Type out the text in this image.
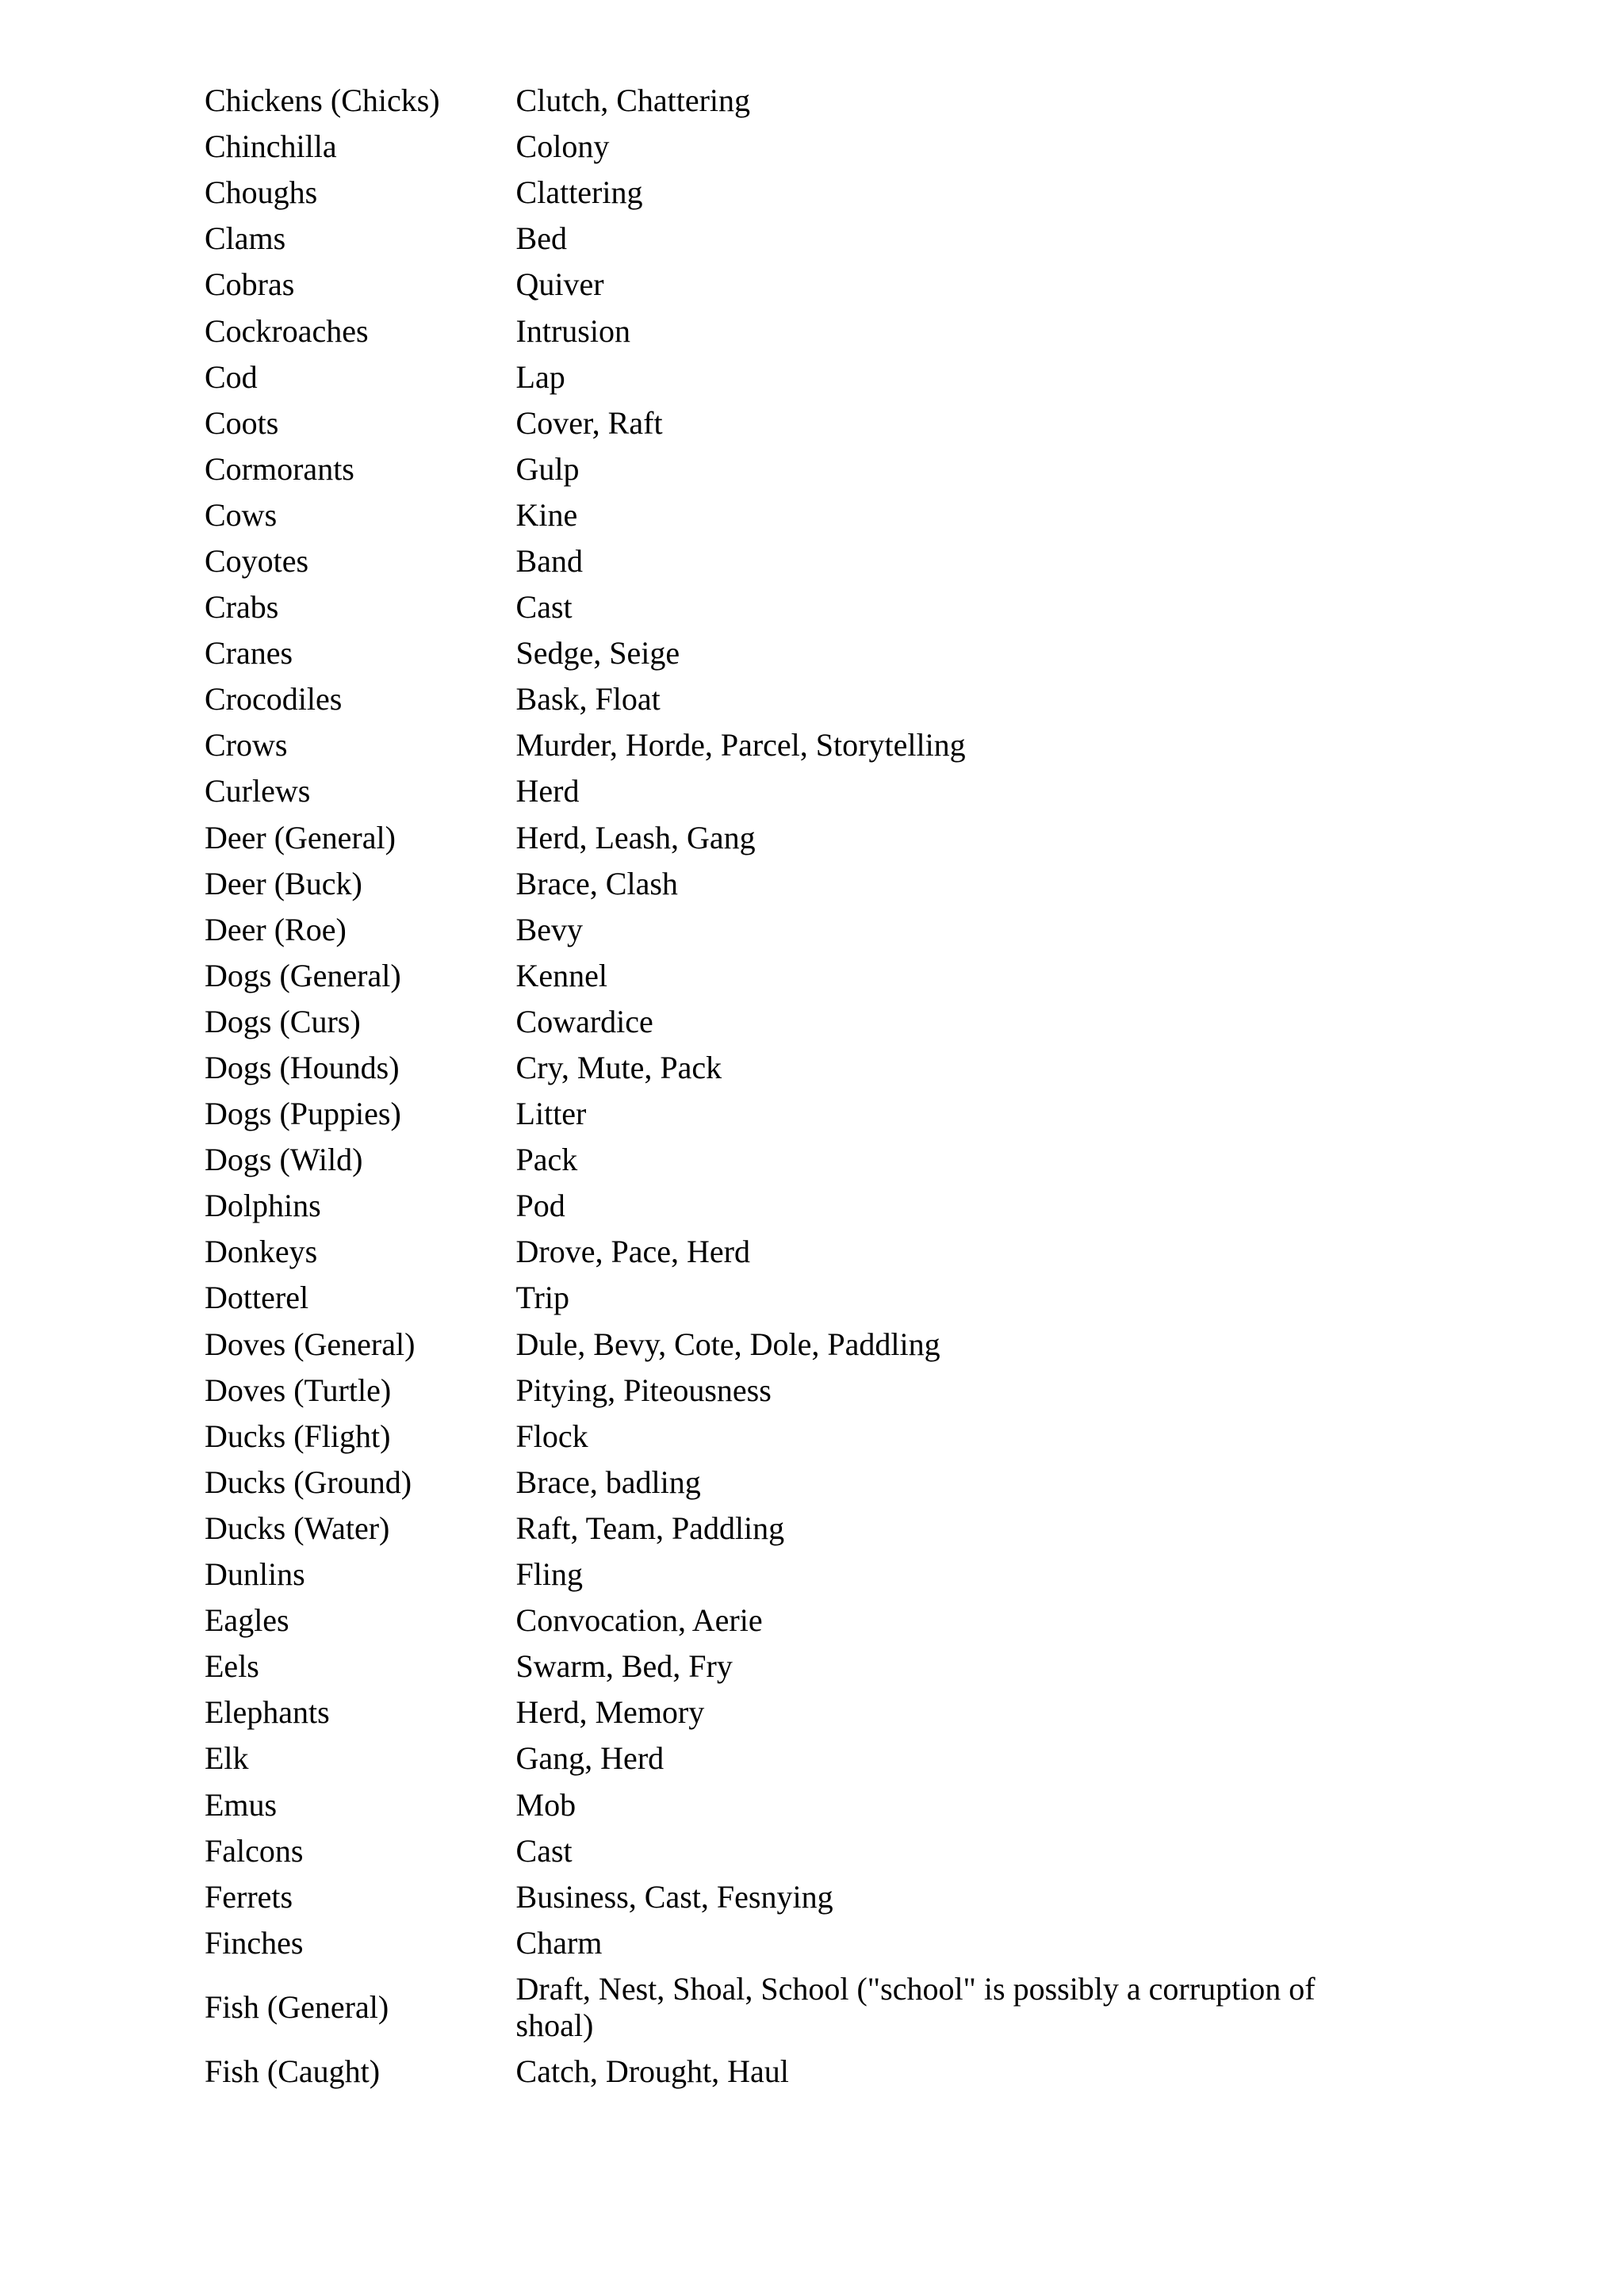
Chickens (Chicks)	Clutch, Chattering
Chinchilla	Colony
Choughs	Clattering
Clams	Bed
Cobras	Quiver
Cockroaches	Intrusion
Cod	Lap
Coots	Cover, Raft
Cormorants	Gulp
Cows	Kine
Coyotes	Band
Crabs	Cast
Cranes	Sedge, Seige
Crocodiles	Bask, Float
Crows	Murder, Horde, Parcel, Storytelling
Curlews	Herd
Deer (General)	Herd, Leash, Gang
Deer (Buck)	Brace, Clash
Deer (Roe)	Bevy
Dogs (General)	Kennel
Dogs (Curs)	Cowardice
Dogs (Hounds)	Cry, Mute, Pack
Dogs (Puppies)	Litter
Dogs (Wild)	Pack
Dolphins	Pod
Donkeys	Drove, Pace, Herd
Dotterel	Trip
Doves (General)	Dule, Bevy, Cote, Dole, Paddling
Doves (Turtle)	Pitying, Piteousness
Ducks (Flight)	Flock
Ducks (Ground)	Brace, badling
Ducks (Water)	Raft, Team, Paddling
Dunlins	Fling
Eagles	Convocation, Aerie
Eels	Swarm, Bed, Fry
Elephants	Herd, Memory
Elk	Gang, Herd
Emus	Mob
Falcons	Cast
Ferrets	Business, Cast, Fesnying
Finches	Charm
Fish (General)	Draft, Nest, Shoal, School ("school" is possibly a corruption of shoal)
Fish (Caught)	Catch, Drought, Haul
